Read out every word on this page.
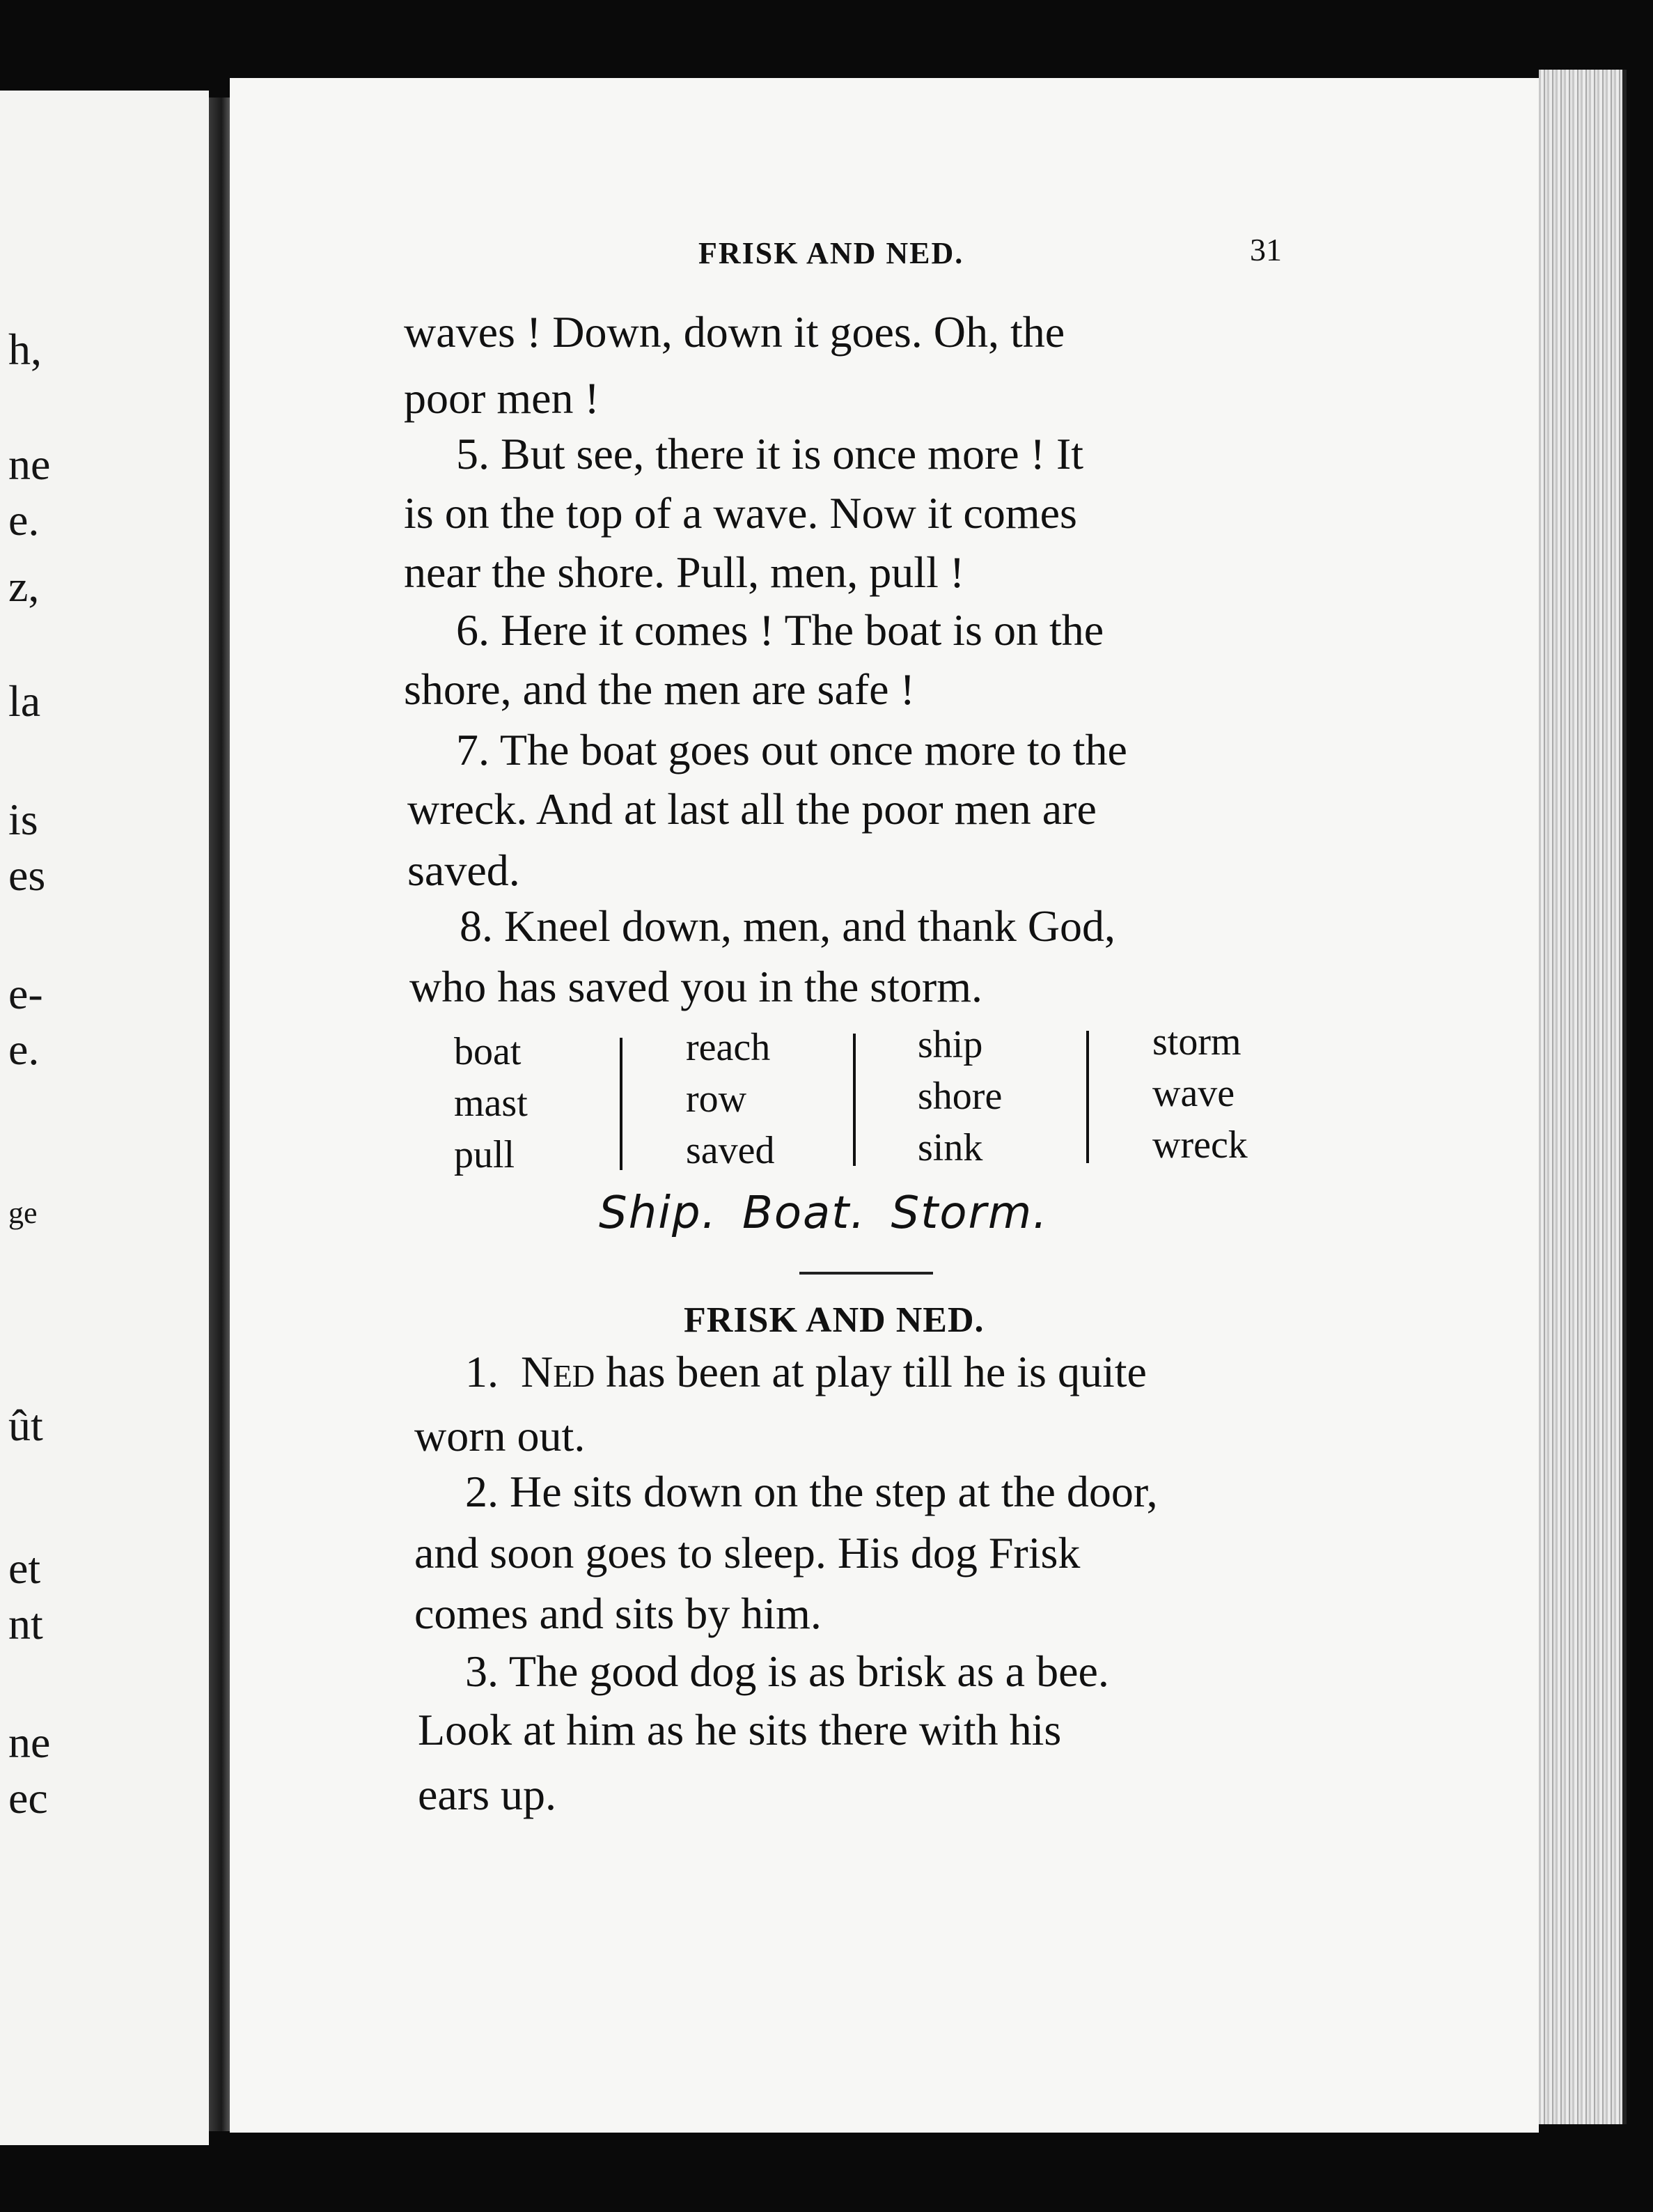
h,
ne
e.
z,
la
is
es
e-
e.
ge
ût
et
nt
ne
ec
FRISK AND NED.	31
waves ! Down, down it goes. Oh, the
poor men !
5. But see, there it is once more ! It
is on the top of a wave. Now it comes
near the shore. Pull, men, pull !
6. Here it comes ! The boat is on the
shore, and the men are safe !
7. The boat goes out once more to the
wreck. And at last all the poor men are
saved.
8. Kneel down, men, and thank God,
who has saved you in the storm.
boat
mast
pull
reach
row
saved
ship
shore
sink
storm
wave
wreck
Ship. Boat. Storm.
FRISK AND NED.
1. Ned has been at play till he is quite
worn out.
2. He sits down on the step at the door,
and soon goes to sleep. His dog Frisk
comes and sits by him.
3. The good dog is as brisk as a bee.
Look at him as he sits there with his
ears up.
